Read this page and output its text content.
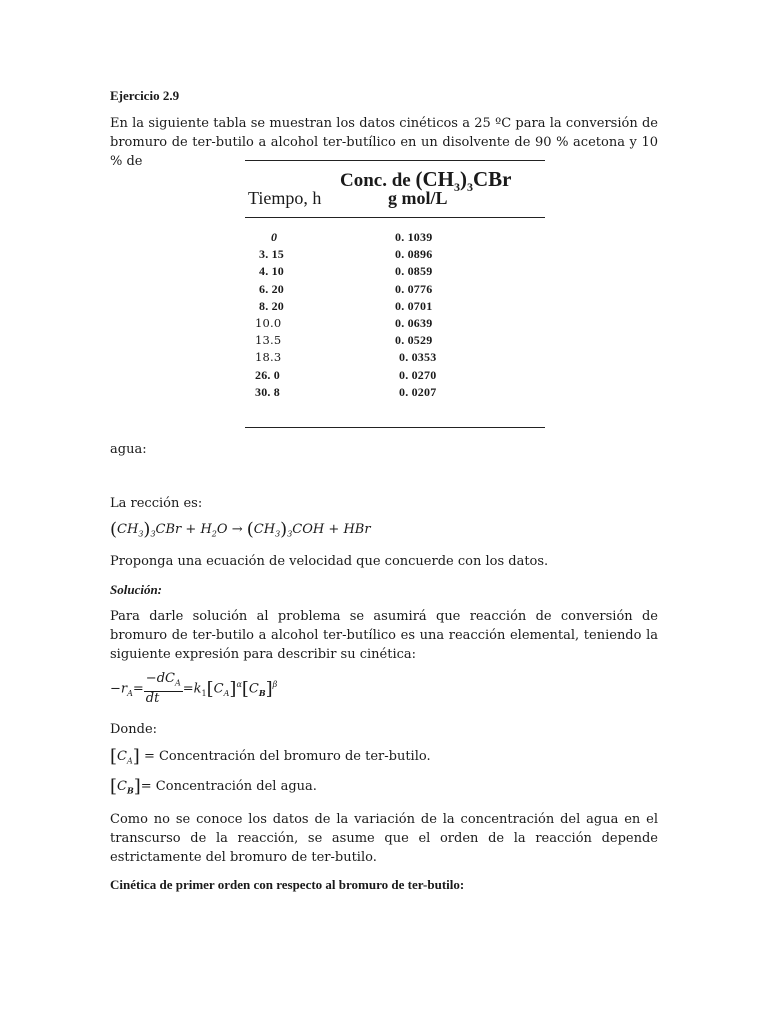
Ejercicio 2.9
En la siguiente tabla se muestran los datos cinéticos a 25 ºC para la conversión de bromuro de ter-butilo a alcohol ter-butílico en un disolvente de 90 % acetona y 10 % de
Conc. de $(CH_3)_3CBr$
Tiempo, h	g mol/L
0	0. 1039
3. 15	0. 0896
4. 10	0. 0859
6. 20	0. 0776
8. 20	0. 0701
10.0	0. 0639
13.5	0. 0529
18.3	0. 0353
26. 0	0. 0270
30. 8	0. 0207
agua:
La rección es:
$(CH_3)_3CBr + H_2O \to (CH_3)_3COH$ + HBr
Proponga una ecuación de velocidad que concuerde con los datos.
Solución:
Para darle solución al problema se asumirá que reacción de conversión de bromuro de ter-butilo a alcohol ter-butílico es una reacción elemental, teniendo la siguiente expresión para describir su cinética:
$-r_A= \frac{-dC_A}{dt} =k_1[C_A]^\alpha[C_B]^\beta$
Donde:
$[C_A]$ = Concentración del bromuro de ter-butilo.
$[C_B]=$ Concentración del agua.
Como no se conoce los datos de la variación de la concentración del agua en el transcurso de la reacción, se asume que el orden de la reacción depende estrictamente del bromuro de ter-butilo.
Cinética de primer orden con respecto al bromuro de ter-butilo:
